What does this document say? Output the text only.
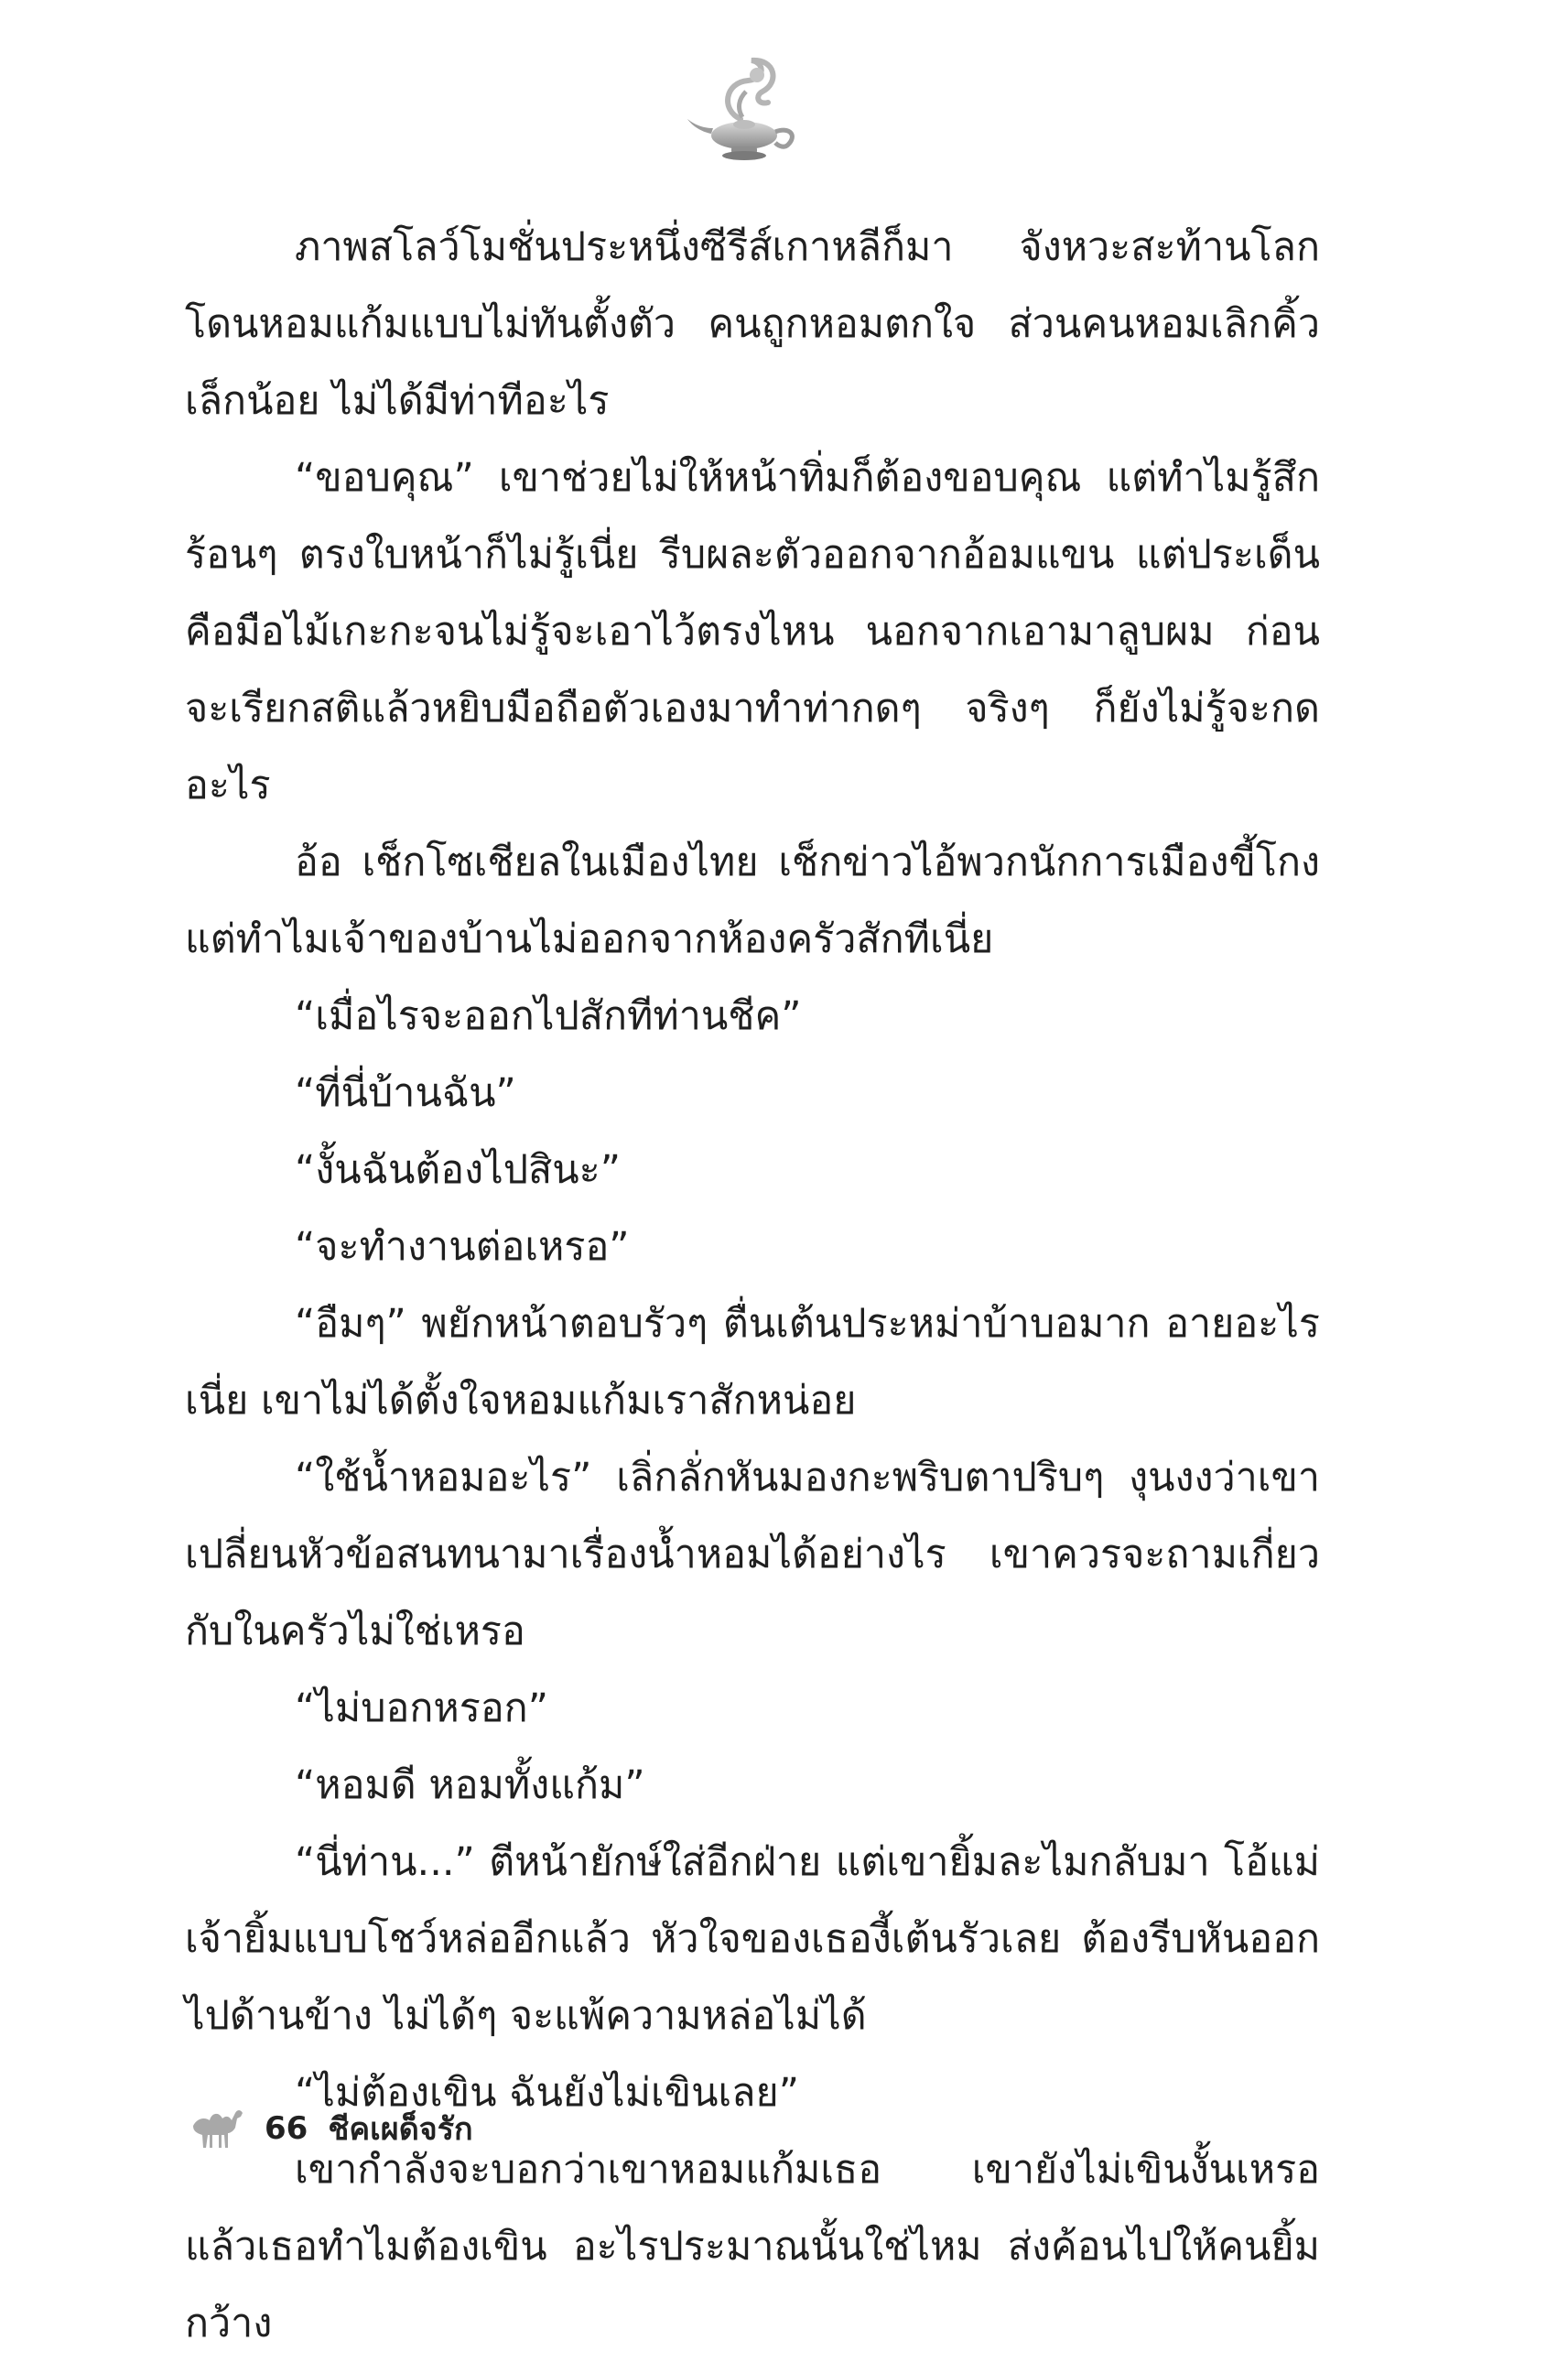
ภาพสโลว์โมชั่นประหนึ่งซีรีส์เกาหลีก็มา จังหวะสะท้านโลก โดนหอมแก้มแบบไม่ทันตั้งตัว คนถูกหอมตกใจ ส่วนคนหอมเลิกคิ้วเล็กน้อย ไม่ได้มีท่าทีอะไร

“ขอบคุณ” เขาช่วยไม่ให้หน้าทิ่มก็ต้องขอบคุณ แต่ทำไมรู้สึกร้อนๆ ตรงใบหน้าก็ไม่รู้เนี่ย รีบผละตัวออกจากอ้อมแขน แต่ประเด็นคือมือไม้เกะกะจนไม่รู้จะเอาไว้ตรงไหน นอกจากเอามาลูบผม ก่อนจะเรียกสติแล้วหยิบมือถือตัวเองมาทำท่ากดๆ จริงๆ ก็ยังไม่รู้จะกดอะไร

อ้อ เช็กโซเชียลในเมืองไทย เช็กข่าวไอ้พวกนักการเมืองขี้โกง แต่ทำไมเจ้าของบ้านไม่ออกจากห้องครัวสักทีเนี่ย

“เมื่อไรจะออกไปสักทีท่านชีค”

“ที่นี่บ้านฉัน”

“งั้นฉันต้องไปสินะ”

“จะทำงานต่อเหรอ”

“อืมๆ” พยักหน้าตอบรัวๆ ตื่นเต้นประหม่าบ้าบอมาก อายอะไรเนี่ย เขาไม่ได้ตั้งใจหอมแก้มเราสักหน่อย

“ใช้น้ำหอมอะไร” เลิ่กลั่กหันมองกะพริบตาปริบๆ งุนงงว่าเขาเปลี่ยนหัวข้อสนทนามาเรื่องน้ำหอมได้อย่างไร เขาควรจะถามเกี่ยวกับในครัวไม่ใช่เหรอ

“ไม่บอกหรอก”

“หอมดี หอมทั้งแก้ม”

“นี่ท่าน...” ตีหน้ายักษ์ใส่อีกฝ่าย แต่เขายิ้มละไมกลับมา โอ้แม่เจ้ายิ้มแบบโชว์หล่ออีกแล้ว หัวใจของเธองี้เต้นรัวเลย ต้องรีบหันออกไปด้านข้าง ไม่ได้ๆ จะแพ้ความหล่อไม่ได้

“ไม่ต้องเขิน ฉันยังไม่เขินเลย”

เขากำลังจะบอกว่าเขาหอมแก้มเธอ เขายังไม่เขินงั้นเหรอ แล้วเธอทำไมต้องเขิน อะไรประมาณนั้นใช่ไหม ส่งค้อนไปให้คนยิ้มกว้าง

66 ชีคเผด็จรัก
